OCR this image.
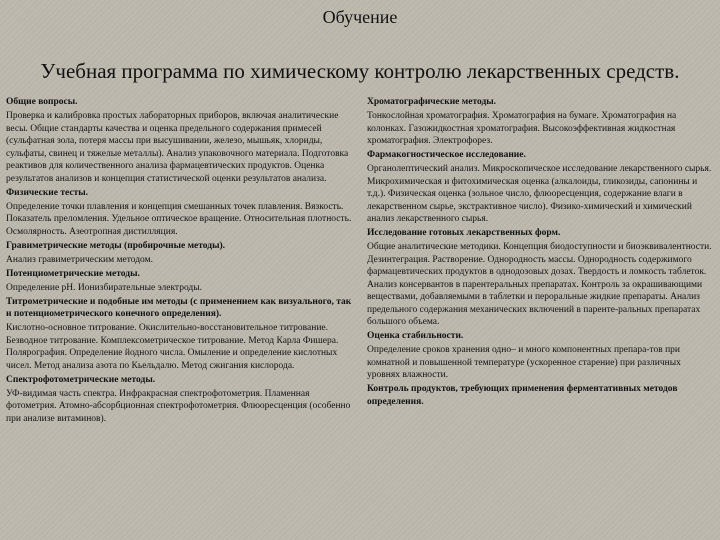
Обучение
Учебная программа по химическому контролю лекарственных средств.
Общие вопросы.
Проверка и калибровка простых лабораторных приборов, включая аналитические весы. Общие стандарты качества и оценка предельного содержания примесей (сульфатная зола, потеря массы при высушивании, железо, мышьяк, хлориды, сульфаты, свинец и тяжелые металлы). Анализ упаковочного материала. Подготовка реактивов для количественного анализа фармацевтических продуктов. Оценка результатов анализов и концепция статистической оценки результатов анализа.
Физические тесты.
Определение точки плавления и концепция смешанных точек плавления. Вязкость. Показатель преломления. Удельное оптическое вращение. Относительная плотность. Осмолярность. Азеотропная дистилляция.
Гравиметрические методы (пробирочные методы).
Анализ гравиметрическим методом.
Потенциометрические методы.
Определение рН. Ионизбирательные электроды.
Титрометрические и подобные им методы (с применением как визуального, так и потенциометрического конечного определения).
Кислотно-основное титрование. Окислительно-восстановительное титрование. Безводное титрование. Комплексометрическое титрование. Метод Карла Фишера. Полярография. Определение йодного числа. Омыление и определение кислотных чисел. Метод анализа азота по Кьельдалю. Метод сжигания кислорода.
Спектрофотометрические методы.
УФ-видимая часть спектра. Инфракрасная спектрофотометрия. Пламенная фотометрия. Атомно-абсорбционная спектрофотометрия. Флюоресценция (особенно при анализе витаминов).
Хроматографические методы.
Тонкослойная хроматография. Хроматография на бумаге. Хроматография на колонках. Газожидкостная хроматография. Высокоэффективная жидкостная хроматография. Электрофорез.
Фармакогностическое исследование.
Органолептический анализ. Микроскопическое исследование лекарственного сырья. Микрохимическая и фитохимическая оценка (алкалоиды, гликозиды, сапонины и т.д.). Физическая оценка (зольное число, флюоресценция, содержание влаги в лекарственном сырье, экстрактивное число). Физико-химический и химический анализ лекарственного сырья.
Исследование готовых лекарственных форм.
Общие аналитические методики. Концепция биодоступности и биоэквивалентности. Дезинтеграция. Растворение. Однородность массы. Однородность содержимого фармацевтических продуктов в однодозовых дозах. Твердость и ломкость таблеток. Анализ консервантов в парентеральных препаратах. Контроль за окрашивающими веществами, добавляемыми в таблетки и пероральные жидкие препараты. Анализ предельного содержания механических включений в паренте-ральных препаратах большого объема.
Оценка стабильности.
Определение сроков хранения одно– и много компонентных препара-тов при комнатной и повышенной температуре (ускоренное старение) при различных уровнях влажности.
Контроль продуктов, требующих применения ферментативных методов определения.
